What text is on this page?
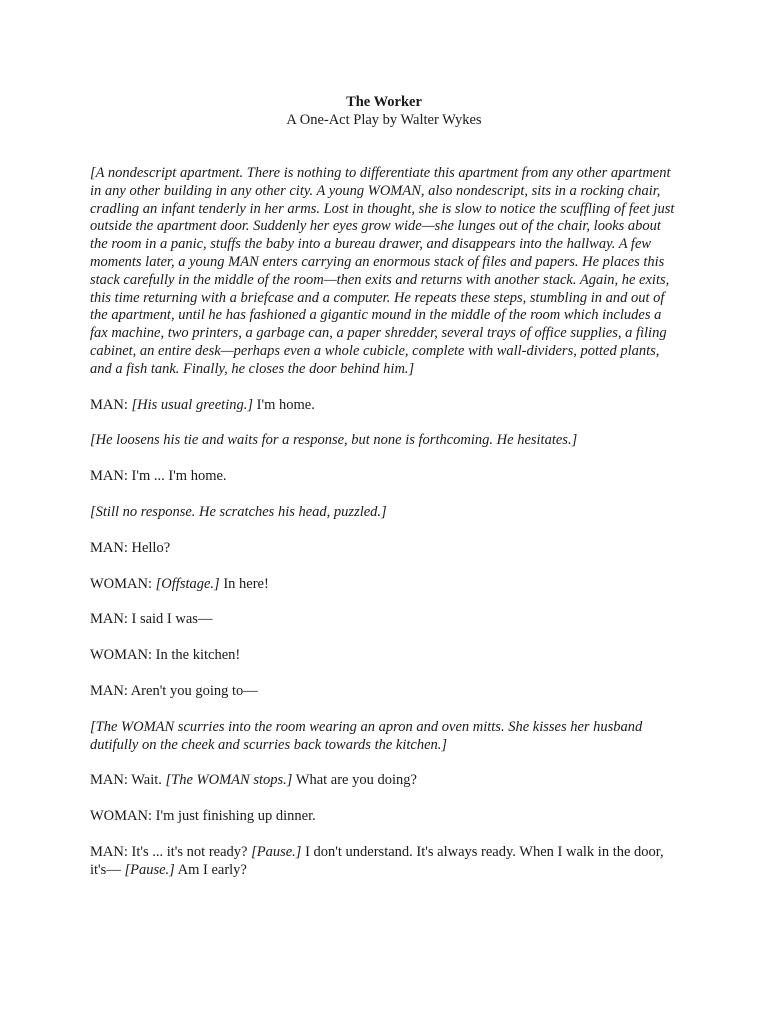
The Worker
A One-Act Play by Walter Wykes

[A nondescript apartment. There is nothing to differentiate this apartment from any other apartment in any other building in any other city. A young WOMAN, also nondescript, sits in a rocking chair, cradling an infant tenderly in her arms. Lost in thought, she is slow to notice the scuffling of feet just outside the apartment door. Suddenly her eyes grow wide—she lunges out of the chair, looks about the room in a panic, stuffs the baby into a bureau drawer, and disappears into the hallway. A few moments later, a young MAN enters carrying an enormous stack of files and papers. He places this stack carefully in the middle of the room—then exits and returns with another stack. Again, he exits, this time returning with a briefcase and a computer. He repeats these steps, stumbling in and out of the apartment, until he has fashioned a gigantic mound in the middle of the room which includes a fax machine, two printers, a garbage can, a paper shredder, several trays of office supplies, a filing cabinet, an entire desk—perhaps even a whole cubicle, complete with wall-dividers, potted plants, and a fish tank. Finally, he closes the door behind him.]

MAN: [His usual greeting.] I'm home.

[He loosens his tie and waits for a response, but none is forthcoming. He hesitates.]

MAN: I'm ... I'm home.

[Still no response. He scratches his head, puzzled.]

MAN: Hello?

WOMAN: [Offstage.] In here!

MAN: I said I was—

WOMAN: In the kitchen!

MAN: Aren't you going to—

[The WOMAN scurries into the room wearing an apron and oven mitts. She kisses her husband dutifully on the cheek and scurries back towards the kitchen.]

MAN: Wait. [The WOMAN stops.] What are you doing?

WOMAN: I'm just finishing up dinner.

MAN: It's ... it's not ready? [Pause.] I don't understand. It's always ready. When I walk in the door, it's— [Pause.] Am I early?
